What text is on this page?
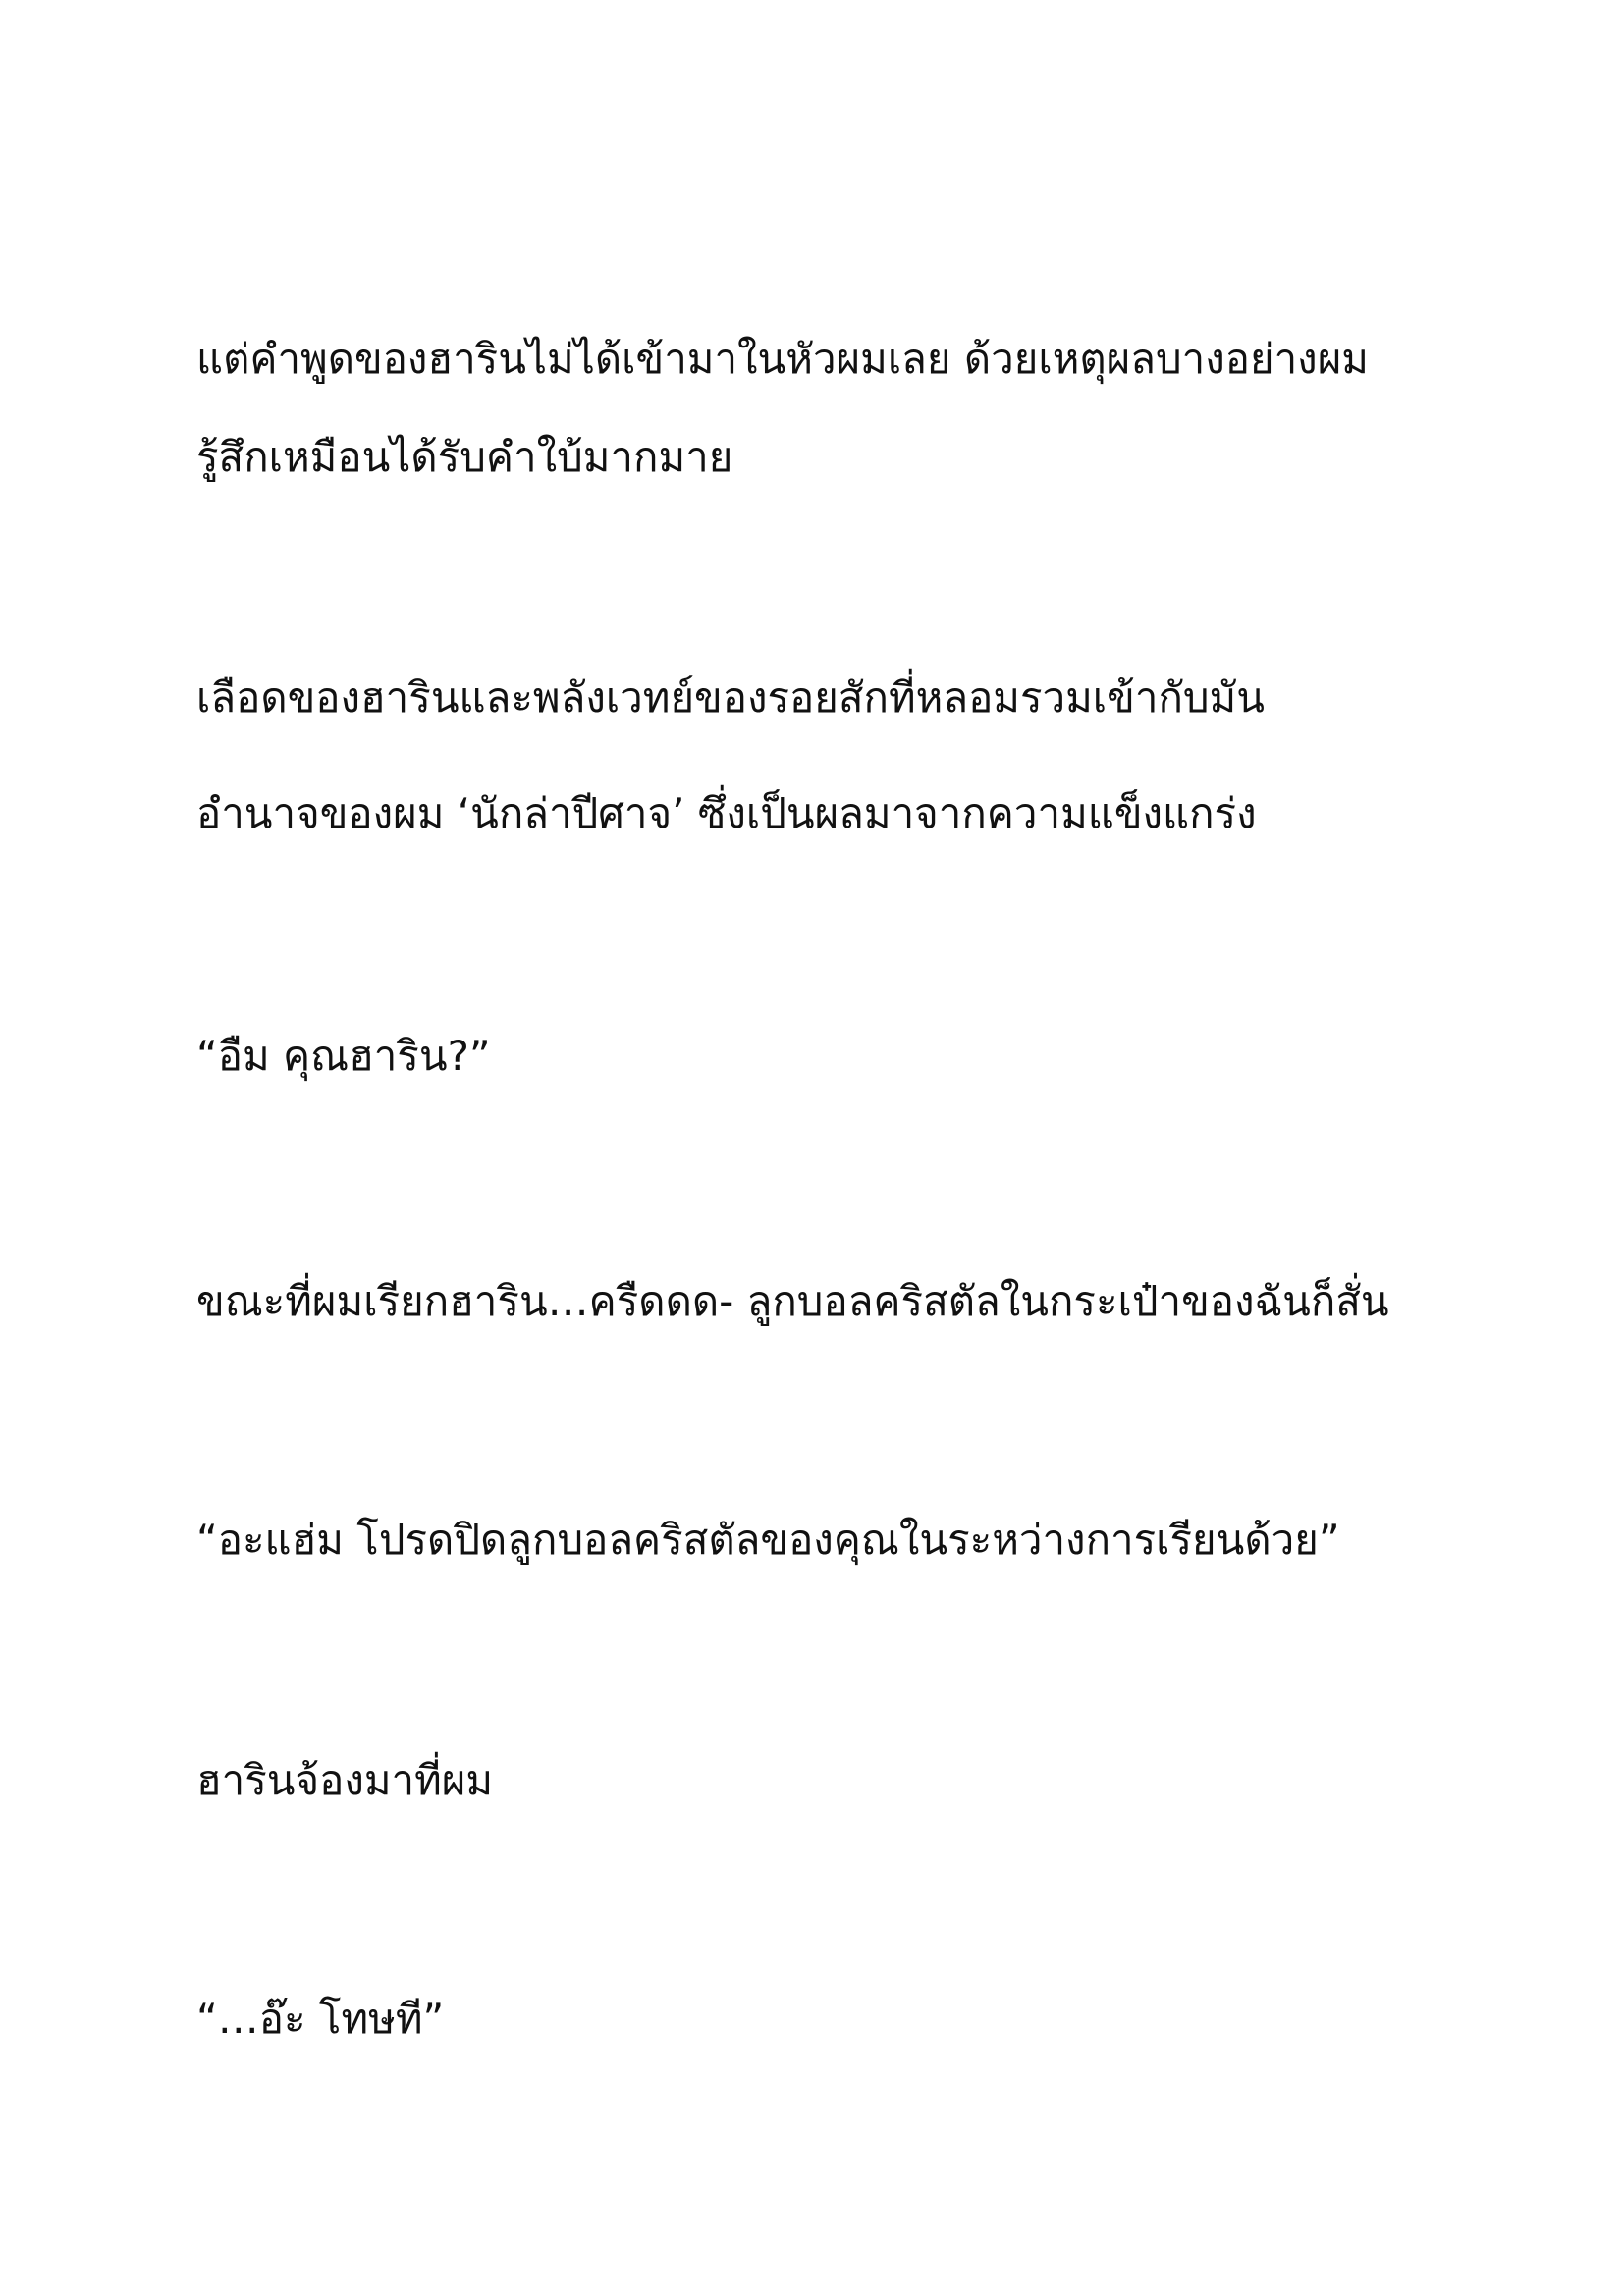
แต่คำพูดของฮารินไม่ได้เข้ามาในหัวผมเลย ด้วยเหตุผลบางอย่างผม
รู้สึกเหมือนได้รับคำใบ้มากมาย
เลือดของฮารินและพลังเวทย์ของรอยสักที่หลอมรวมเข้ากับมัน
อำนาจของผม ‘นักล่าปีศาจ’ ซึ่งเป็นผลมาจากความแข็งแกร่ง
“อืม คุณฮาริน?”
ขณะที่ผมเรียกฮาริน…ครืดดด- ลูกบอลคริสตัลในกระเป๋าของฉันก็สั่น
“อะแฮ่ม โปรดปิดลูกบอลคริสตัลของคุณในระหว่างการเรียนด้วย”
ฮารินจ้องมาที่ผม
“…อ๊ะ โทษที”
